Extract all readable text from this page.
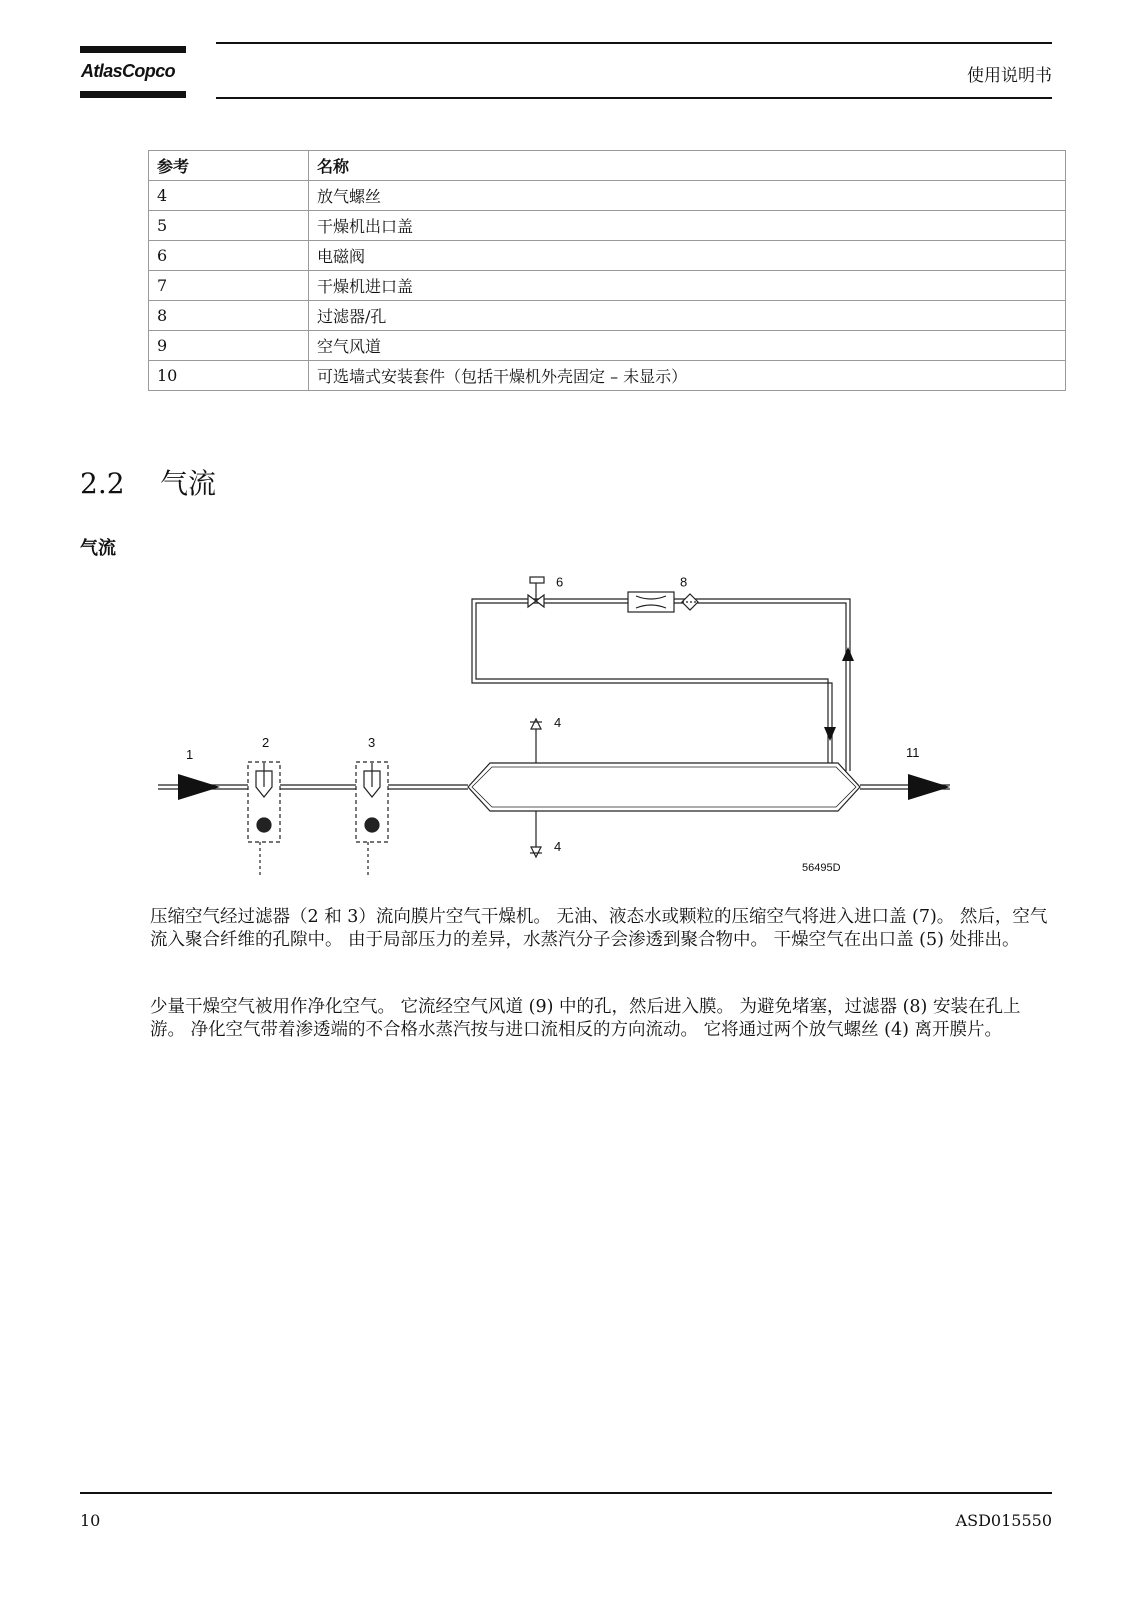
AtlasCopco	使用说明书
参考	名称
4	放气螺丝
5	干燥机出口盖
6	电磁阀
7	干燥机进口盖
8	过滤器/孔
9	空气风道
10	可选墙式安装套件（包括干燥机外壳固定 – 未显示）
2.2 气流
气流
1
2	3
4
4
6	8
11
56495D

压缩空气经过滤器（2 和 3）流向膜片空气干燥机。 无油、液态水或颗粒的压缩空气将进入进口盖 (7)。 然后，空气流入聚合纤维的孔隙中。 由于局部压力的差异，水蒸汽分子会渗透到聚合物中。 干燥空气在出口盖 (5) 处排出。

少量干燥空气被用作净化空气。 它流经空气风道 (9) 中的孔，然后进入膜。 为避免堵塞，过滤器 (8) 安装在孔上游。 净化空气带着渗透端的不合格水蒸汽按与进口流相反的方向流动。 它将通过两个放气螺丝 (4) 离开膜片。

10	ASD015550
